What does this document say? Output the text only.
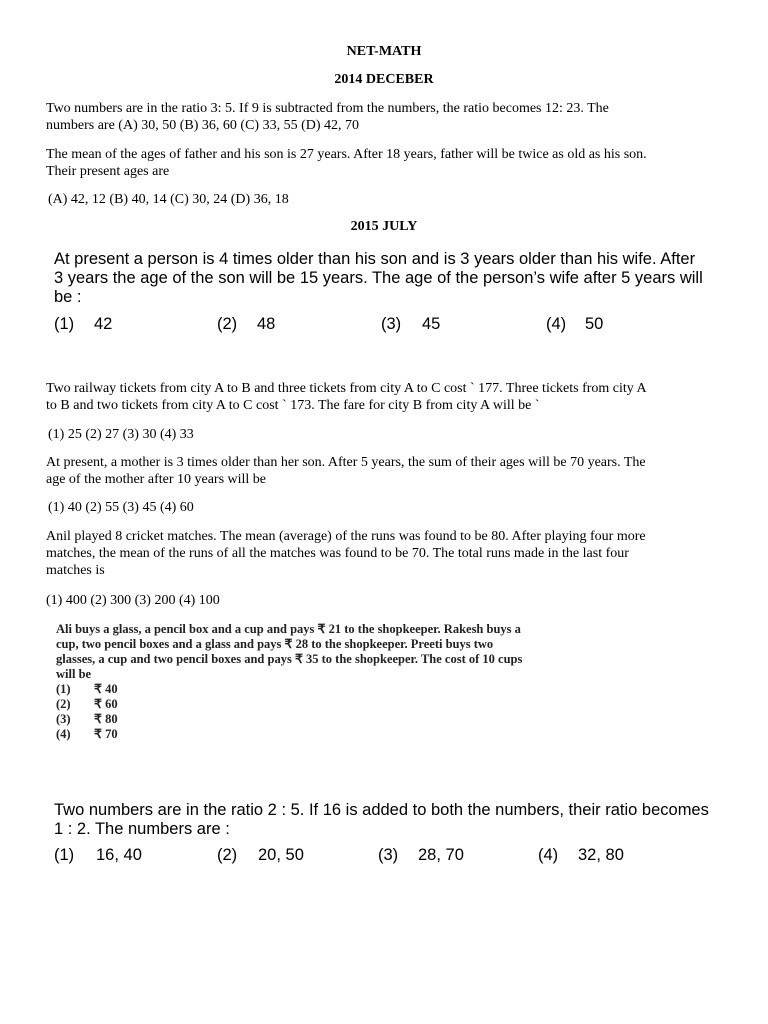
NET-MATH
2014 DECEBER
Two numbers are in the ratio 3: 5. If 9 is subtracted from the numbers, the ratio becomes 12: 23. The
numbers are (A) 30, 50 (B) 36, 60 (C) 33, 55 (D) 42, 70
The mean of the ages of father and his son is 27 years. After 18 years, father will be twice as old as his son.
Their present ages are
(A) 42, 12 (B) 40, 14 (C) 30, 24 (D) 36, 18
2015 JULY
At present a person is 4 times older than his son and is 3 years older than his wife. After
3 years the age of the son will be 15 years. The age of the person’s wife after 5 years will
be :
(1) 42	(2) 48	(3) 45	(4) 50
Two railway tickets from city A to B and three tickets from city A to C cost ` 177. Three tickets from city A
to B and two tickets from city A to C cost ` 173. The fare for city B from city A will be `
(1) 25 (2) 27 (3) 30 (4) 33
At present, a mother is 3 times older than her son. After 5 years, the sum of their ages will be 70 years. The
age of the mother after 10 years will be
(1) 40 (2) 55 (3) 45 (4) 60
Anil played 8 cricket matches. The mean (average) of the runs was found to be 80. After playing four more
matches, the mean of the runs of all the matches was found to be 70. The total runs made in the last four
matches is
(1) 400 (2) 300 (3) 200 (4) 100
Ali buys a glass, a pencil box and a cup and pays ₹ 21 to the shopkeeper. Rakesh buys a
cup, two pencil boxes and a glass and pays ₹ 28 to the shopkeeper. Preeti buys two
glasses, a cup and two pencil boxes and pays ₹ 35 to the shopkeeper. The cost of 10 cups
will be
(1) ₹ 40
(2) ₹ 60
(3) ₹ 80
(4) ₹ 70
Two numbers are in the ratio 2 : 5. If 16 is added to both the numbers, their ratio becomes
1 : 2. The numbers are :
(1) 16, 40	(2) 20, 50	(3) 28, 70	(4) 32, 80
